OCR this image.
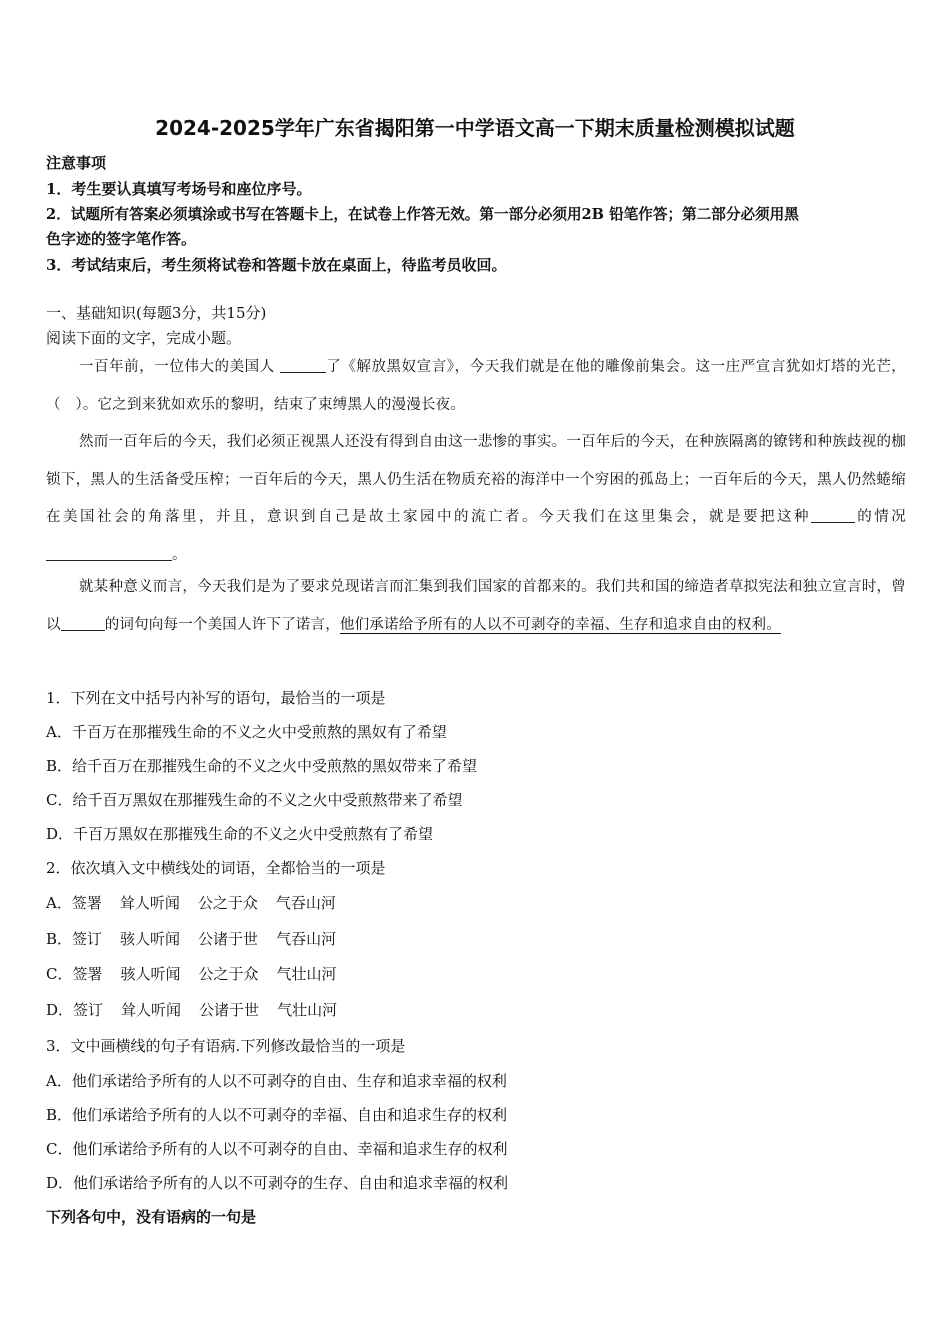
2024-2025学年广东省揭阳第一中学语文高一下期末质量检测模拟试题
注意事项
1．考生要认真填写考场号和座位序号。
2．试题所有答案必须填涂或书写在答题卡上，在试卷上作答无效。第一部分必须用2B 铅笔作答；第二部分必须用黑
色字迹的签字笔作答。
3．考试结束后，考生须将试卷和答题卡放在桌面上，待监考员收回。
一、基础知识(每题3分，共15分)
阅读下面的文字，完成小题。
一百年前，一位伟大的美国人	了《解放黑奴宣言》，今天我们就是在他的雕像前集会。这一庄严宣言犹如灯塔的光芒，（　）。它之到来犹如欢乐的黎明，结束了束缚黑人的漫漫长夜。
然而一百年后的今天，我们必须正视黑人还没有得到自由这一悲惨的事实。一百年后的今天，在种族隔离的镣铐和种族歧视的枷锁下，黑人的生活备受压榨；一百年后的今天，黑人仍生活在物质充裕的海洋中一个穷困的孤岛上；一百年后的今天，黑人仍然蜷缩在美国社会的角落里，并且，意识到自己是故土家园中的流亡者。今天我们在这里集会，就是要把这种	的情况。
就某种意义而言，今天我们是为了要求兑现诺言而汇集到我们国家的首都来的。我们共和国的缔造者草拟宪法和独立宣言时，曾以	的词句向每一个美国人许下了诺言，他们承诺给予所有的人以不可剥夺的幸福、生存和追求自由的权利。
1．下列在文中括号内补写的语句，最恰当的一项是
A．千百万在那摧残生命的不义之火中受煎熬的黑奴有了希望
B．给千百万在那摧残生命的不义之火中受煎熬的黑奴带来了希望
C．给千百万黑奴在那摧残生命的不义之火中受煎熬带来了希望
D．千百万黑奴在那摧残生命的不义之火中受煎熬有了希望
2．依次填入文中横线处的词语，全都恰当的一项是
A．签署 耸人听闻 公之于众 气吞山河
B．签订 骇人听闻 公诸于世 气吞山河
C．签署 骇人听闻 公之于众 气壮山河
D．签订 耸人听闻 公诸于世 气壮山河
3．文中画横线的句子有语病.下列修改最恰当的一项是
A．他们承诺给予所有的人以不可剥夺的自由、生存和追求幸福的权利
B．他们承诺给予所有的人以不可剥夺的幸福、自由和追求生存的权利
C．他们承诺给予所有的人以不可剥夺的自由、幸福和追求生存的权利
D．他们承诺给予所有的人以不可剥夺的生存、自由和追求幸福的权利
下列各句中，没有语病的一句是
